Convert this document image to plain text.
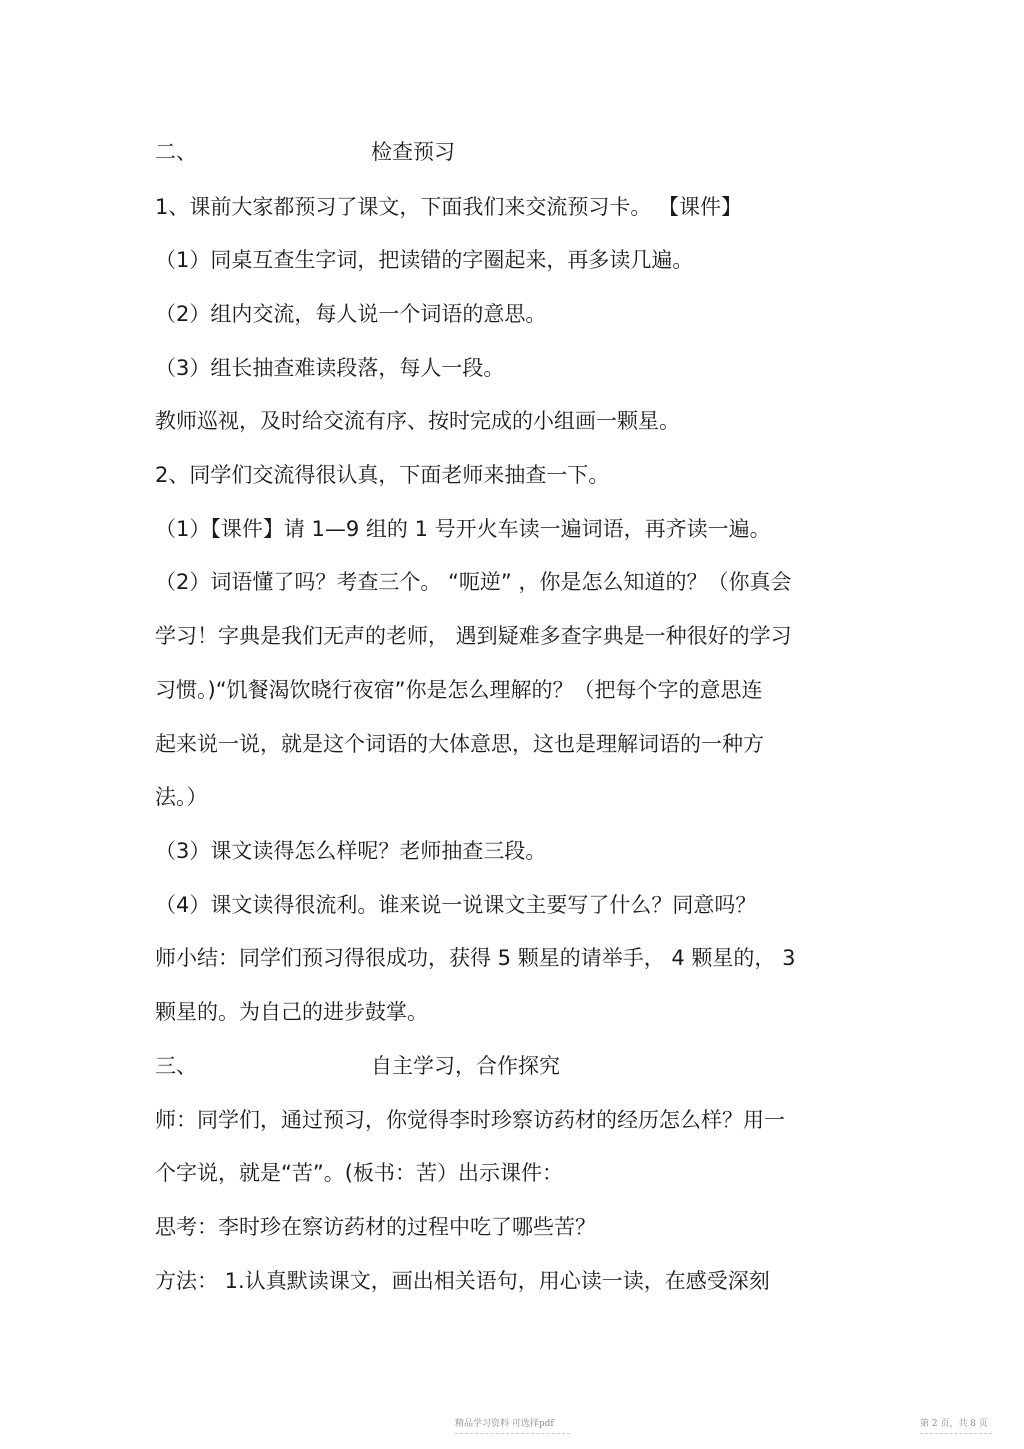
二、	检查预习
1、课前大家都预习了课文，下面我们来交流预习卡。 【课件】
（1）同桌互查生字词，把读错的字圈起来，再多读几遍。
（2）组内交流，每人说一个词语的意思。
（3）组长抽查难读段落，每人一段。
教师巡视，及时给交流有序、按时完成的小组画一颗星。
2、同学们交流得很认真，下面老师来抽查一下。
（1）【课件】请 1—9 组的 1 号开火车读一遍词语，再齐读一遍。
（2）词语懂了吗？考查三个。 “呃逆” ，你是怎么知道的？（你真会
学习！字典是我们无声的老师， 遇到疑难多查字典是一种很好的学习
习惯。)“饥餐渴饮晓行夜宿”你是怎么理解的？（把每个字的意思连
起来说一说，就是这个词语的大体意思，这也是理解词语的一种方
法。）
（3）课文读得怎么样呢？老师抽查三段。
（4）课文读得很流利。谁来说一说课文主要写了什么？同意吗？
师小结：同学们预习得很成功，获得 5 颗星的请举手， 4 颗星的， 3
颗星的。为自己的进步鼓掌。
三、	自主学习，合作探究
师：同学们，通过预习，你觉得李时珍察访药材的经历怎么样？用一
个字说，就是“苦”。(板书：苦）出示课件：
思考：李时珍在察访药材的过程中吃了哪些苦？
方法： 1.认真默读课文，画出相关语句，用心读一读，在感受深刻
精品学习资料 可选择pdf	第 2 页，共 8 页
